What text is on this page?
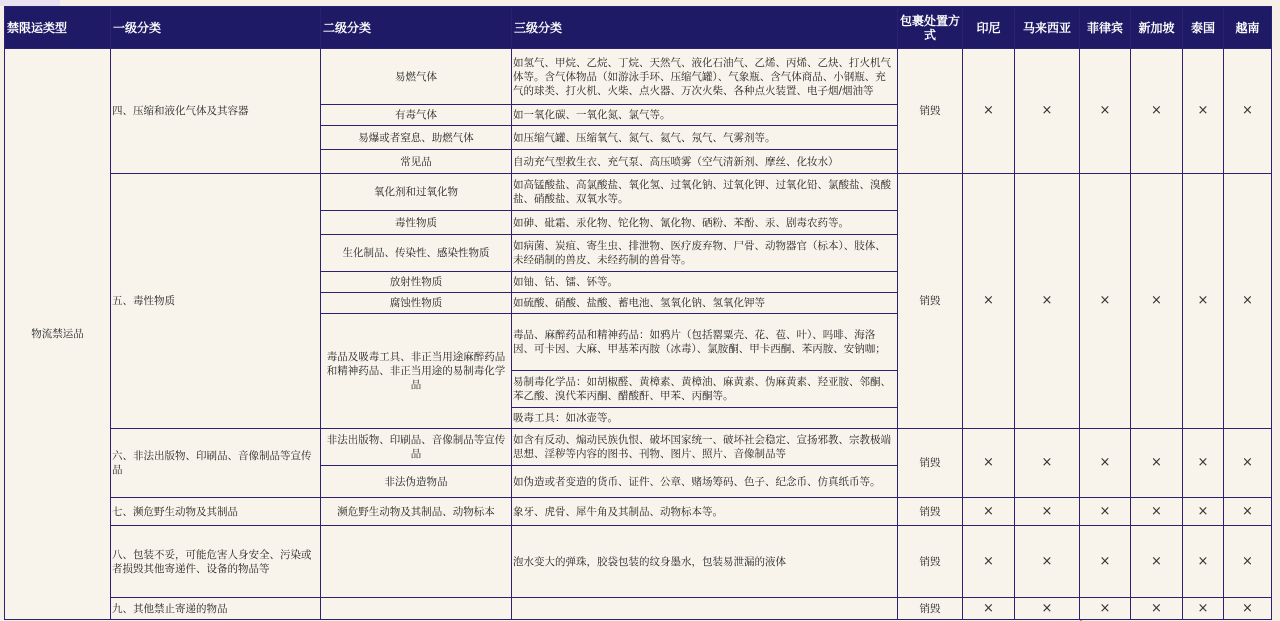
禁限运类型	一级分类	二级分类	三级分类	包裹处置方式	印尼	马来西亚	菲律宾	新加坡	泰国	越南
物流禁运品	四、压缩和液化气体及其容器	易燃气体	如氢气、甲烷、乙烷、丁烷、天然气、液化石油气、乙烯、丙烯、乙炔、打火机气体等。含气体物品（如游泳手环、压缩气罐）、气象瓶、含气体商品、小钢瓶、充气的球类、打火机、火柴、点火器、万次火柴、各种点火装置、电子烟/烟油等	销毁	×	×	×	×	×	×
		有毒气体	如一氧化碳、一氧化氮、氯气等。							
		易爆或者窒息、助燃气体	如压缩气罐、压缩氧气、氮气、氦气、氖气、气雾剂等。							
		常见品	自动充气型救生衣、充气泵、高压喷雾（空气清新剂、摩丝、化妆水）							
	五、毒性物质	氧化剂和过氧化物	如高锰酸盐、高氯酸盐、氧化氢、过氧化钠、过氧化钾、过氧化铅、氯酸盐、溴酸盐、硝酸盐、双氧水等。	销毁	×	×	×	×	×	×
		毒性物质	如砷、砒霜、汞化物、铊化物、氰化物、硒粉、苯酚、汞、剧毒农药等。							
		生化制品、传染性、感染性物质	如病菌、炭疽、寄生虫、排泄物、医疗废弃物、尸骨、动物器官（标本）、肢体、未经硝制的兽皮、未经药制的兽骨等。							
		放射性物质	如铀、钴、镭、钚等。							
		腐蚀性物质	如硫酸、硝酸、盐酸、蓄电池、氢氧化钠、氢氧化钾等							
		毒品及吸毒工具、非正当用途麻醉药品和精神药品、非正当用途的易制毒化学品	毒品、麻醉药品和精神药品：如鸦片（包括罂粟壳、花、苞、叶）、吗啡、海洛因、可卡因、大麻、甲基苯丙胺（冰毒）、氯胺酮、甲卡西酮、苯丙胺、安钠咖；							
			易制毒化学品：如胡椒醛、黄樟素、黄樟油、麻黄素、伪麻黄素、羟亚胺、邻酮、苯乙酸、溴代苯丙酮、醋酸酐、甲苯、丙酮等。							
			吸毒工具：如冰壶等。							
	六、非法出版物、印刷品、音像制品等宣传品	非法出版物、印刷品、音像制品等宣传品	如含有反动、煽动民族仇恨、破坏国家统一、破坏社会稳定、宣扬邪教、宗教极端思想、淫秽等内容的图书、刊物、图片、照片、音像制品等	销毁	×	×	×	×	×	×
		非法伪造物品	如伪造或者变造的货币、证件、公章、赌场筹码、色子、纪念币、仿真纸币等。							
	七、濒危野生动物及其制品	濒危野生动物及其制品、动物标本	象牙、虎骨、犀牛角及其制品、动物标本等。	销毁	×	×	×	×	×	×
	八、包装不妥，可能危害人身安全、污染或者损毁其他寄递件、设备的物品等		泡水变大的弹珠，胶袋包装的纹身墨水，包装易泄漏的液体	销毁	×	×	×	×	×	×
	九、其他禁止寄递的物品			销毁	×	×	×	×	×	×
